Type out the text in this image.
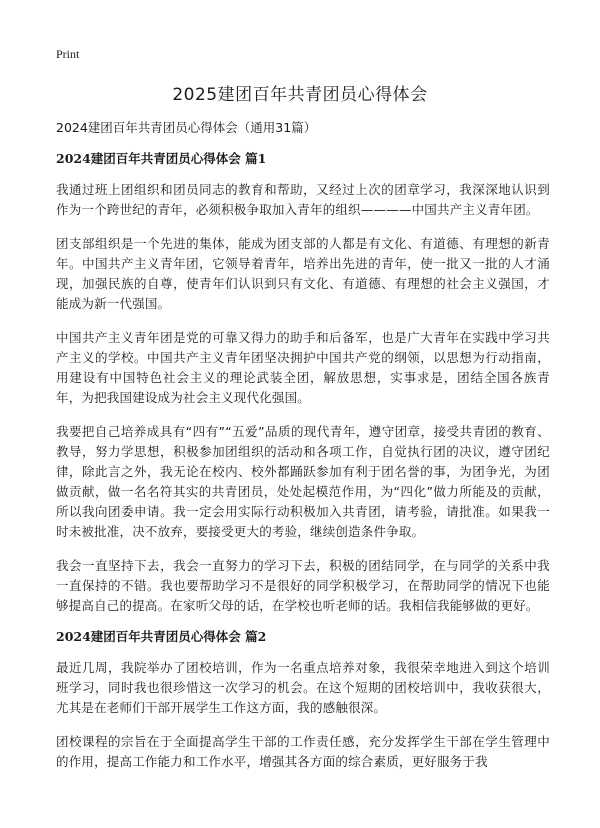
Print
2025建团百年共青团员心得体会

2024建团百年共青团员心得体会（通用31篇）

2024建团百年共青团员心得体会 篇1

我通过班上团组织和团员同志的教育和帮助，又经过上次的团章学习，我深深地认识到作为一个跨世纪的青年，必须积极争取加入青年的组织————中国共产主义青年团。

团支部组织是一个先进的集体，能成为团支部的人都是有文化、有道德、有理想的新青年。中国共产主义青年团，它领导着青年，培养出先进的青年，使一批又一批的人才涌现，加强民族的自尊，使青年们认识到只有文化、有道德、有理想的社会主义强国，才能成为新一代强国。

中国共产主义青年团是党的可靠又得力的助手和后备军，也是广大青年在实践中学习共产主义的学校。中国共产主义青年团坚决拥护中国共产党的纲领，以思想为行动指南，用建设有中国特色社会主义的理论武装全团，解放思想，实事求是，团结全国各族青年，为把我国建设成为社会主义现代化强国。

我要把自己培养成具有“四有”“五爱”品质的现代青年，遵守团章，接受共青团的教育、教导，努力学思想，积极参加团组织的活动和各项工作，自觉执行团的决议，遵守团纪律，除此言之外，我无论在校内、校外都踊跃参加有利于团名誉的事，为团争光，为团做贡献，做一名名符其实的共青团员，处处起模范作用，为“四化”做力所能及的贡献，所以我向团委申请。我一定会用实际行动积极加入共青团，请考验，请批准。如果我一时未被批准，决不放弃，要接受更大的考验，继续创造条件争取。

我会一直坚持下去，我会一直努力的学习下去，积极的团结同学，在与同学的关系中我一直保持的不错。我也要帮助学习不是很好的同学积极学习，在帮助同学的情况下也能够提高自己的提高。在家听父母的话，在学校也听老师的话。我相信我能够做的更好。

2024建团百年共青团员心得体会 篇2

最近几周，我院举办了团校培训，作为一名重点培养对象，我很荣幸地进入到这个培训班学习，同时我也很珍惜这一次学习的机会。在这个短期的团校培训中，我收获很大，尤其是在老师们干部开展学生工作这方面，我的感触很深。

团校课程的宗旨在于全面提高学生干部的工作责任感，充分发挥学生干部在学生管理中的作用，提高工作能力和工作水平，增强其各方面的综合素质，更好服务于我
